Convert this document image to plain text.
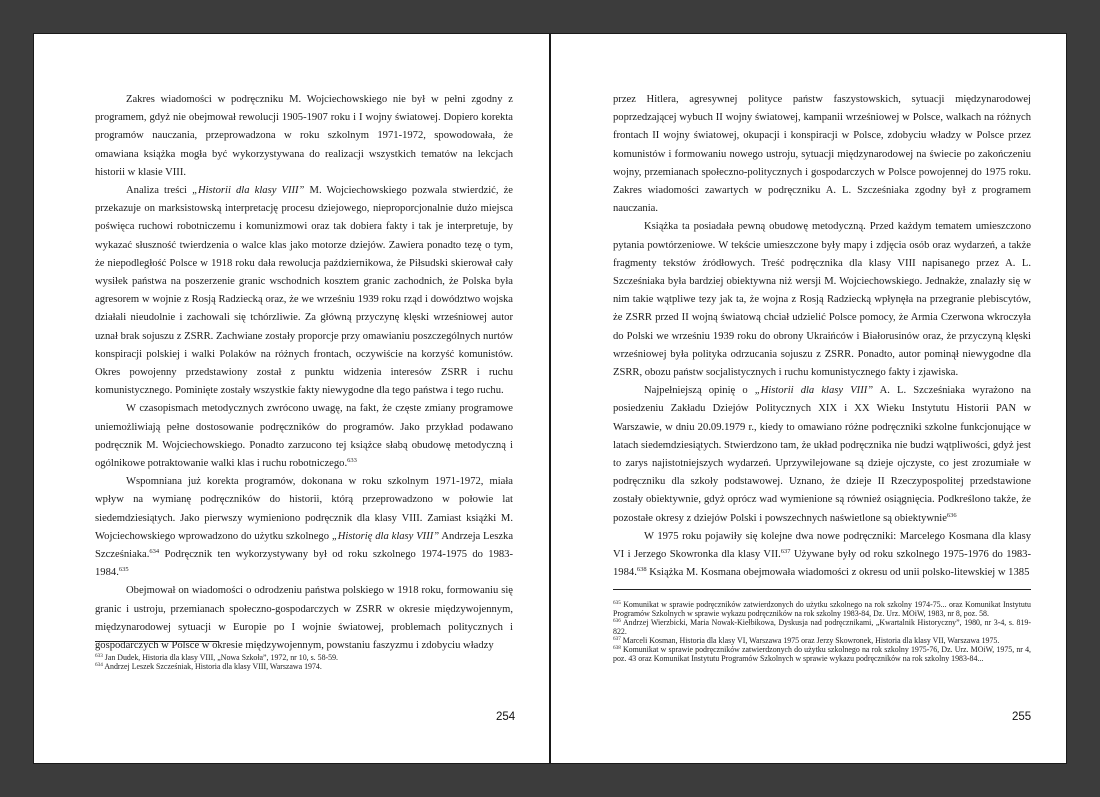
Zakres wiadomości w podręczniku M. Wojciechowskiego nie był w pełni zgodny z programem, gdyż nie obejmował rewolucji 1905-1907 roku i I wojny światowej. Dopiero korekta programów nauczania, przeprowadzona w roku szkolnym 1971-1972, spowodowała, że omawiana książka mogła być wykorzystywana do realizacji wszystkich tematów na lekcjach historii w klasie VIII.

Analiza treści „Historii dla klasy VIII” M. Wojciechowskiego pozwala stwierdzić, że przekazuje on marksistowską interpretację procesu dziejowego, nieproporcjonalnie dużo miejsca poświęca ruchowi robotniczemu i komunizmowi oraz tak dobiera fakty i tak je interpretuje, by wykazać słuszność twierdzenia o walce klas jako motorze dziejów. Zawiera ponadto tezę o tym, że niepodległość Polsce w 1918 roku dała rewolucja październikowa, że Piłsudski skierował cały wysiłek państwa na poszerzenie granic wschodnich kosztem granic zachodnich, że Polska była agresorem w wojnie z Rosją Radziecką oraz, że we wrześniu 1939 roku rząd i dowództwo wojska działali nieudolnie i zachowali się tchórzliwie. Za główną przyczynę klęski wrześniowej autor uznał brak sojuszu z ZSRR. Zachwiane zostały proporcje przy omawianiu poszczególnych nurtów konspiracji polskiej i walki Polaków na różnych frontach, oczywiście na korzyść komunistów. Okres powojenny przedstawiony został z punktu widzenia interesów ZSRR i ruchu komunistycznego. Pominięte zostały wszystkie fakty niewygodne dla tego państwa i tego ruchu.

W czasopismach metodycznych zwrócono uwagę, na fakt, że częste zmiany programowe uniemożliwiają pełne dostosowanie podręczników do programów. Jako przykład podawano podręcznik M. Wojciechowskiego. Ponadto zarzucono tej książce słabą obudowę metodyczną i ogólnikowe potraktowanie walki klas i ruchu robotniczego.$^{633}$

Wspomniana już korekta programów, dokonana w roku szkolnym 1971-1972, miała wpływ na wymianę podręczników do historii, którą przeprowadzono w połowie lat siedemdziesiątych. Jako pierwszy wymieniono podręcznik dla klasy VIII. Zamiast książki M. Wojciechowskiego wprowadzono do użytku szkolnego „Historię dla klasy VIII” Andrzeja Leszka Szcześniaka.$^{634}$ Podręcznik ten wykorzystywany był od roku szkolnego 1974-1975 do 1983-1984.$^{635}$

Obejmował on wiadomości o odrodzeniu państwa polskiego w 1918 roku, formowaniu się granic i ustroju, przemianach społeczno-gospodarczych w ZSRR w okresie międzywojennym, międzynarodowej sytuacji w Europie po I wojnie światowej, problemach politycznych i gospodarczych w Polsce w okresie międzywojennym, powstaniu faszyzmu i zdobyciu władzy

$^{633}$ Jan Dudek, Historia dla klasy VIII, „Nowa Szkoła”, 1972, nr 10, s. 58-59.

$^{634}$ Andrzej Leszek Szcześniak, Historia dla klasy VIII, Warszawa 1974.

254

przez Hitlera, agresywnej polityce państw faszystowskich, sytuacji międzynarodowej poprzedzającej wybuch II wojny światowej, kampanii wrześniowej w Polsce, walkach na różnych frontach II wojny światowej, okupacji i konspiracji w Polsce, zdobyciu władzy w Polsce przez komunistów i formowaniu nowego ustroju, sytuacji międzynarodowej na świecie po zakończeniu wojny, przemianach społeczno-politycznych i gospodarczych w Polsce powojennej do 1975 roku. Zakres wiadomości zawartych w podręczniku A. L. Szcześniaka zgodny był z programem nauczania.

Książka ta posiadała pewną obudowę metodyczną. Przed każdym tematem umieszczono pytania powtórzeniowe. W tekście umieszczone były mapy i zdjęcia osób oraz wydarzeń, a także fragmenty tekstów źródłowych. Treść podręcznika dla klasy VIII napisanego przez A. L. Szcześniaka była bardziej obiektywna niż wersji M. Wojciechowskiego. Jednakże, znalazły się w nim takie wątpliwe tezy jak ta, że wojna z Rosją Radziecką wpłynęła na przegranie plebiscytów, że ZSRR przed II wojną światową chciał udzielić Polsce pomocy, że Armia Czerwona wkroczyła do Polski we wrześniu 1939 roku do obrony Ukraińców i Białorusinów oraz, że przyczyną klęski wrześniowej była polityka odrzucania sojuszu z ZSRR. Ponadto, autor pominął niewygodne dla ZSRR, obozu państw socjalistycznych i ruchu komunistycznego fakty i zjawiska.

Najpełniejszą opinię o „Historii dla klasy VIII” A. L. Szcześniaka wyrażono na posiedzeniu Zakładu Dziejów Politycznych XIX i XX Wieku Instytutu Historii PAN w Warszawie, w dniu 20.09.1979 r., kiedy to omawiano różne podręczniki szkolne funkcjonujące w latach siedemdziesiątych. Stwierdzono tam, że układ podręcznika nie budzi wątpliwości, gdyż jest to zarys najistotniejszych wydarzeń. Uprzywilejowane są dzieje ojczyste, co jest zrozumiałe w podręczniku dla szkoły podstawowej. Uznano, że dzieje II Rzeczypospolitej przedstawione zostały obiektywnie, gdyż oprócz wad wymienione są również osiągnięcia. Podkreślono także, że pozostałe okresy z dziejów Polski i powszechnych naświetlone są obiektywnie$^{636}$

W 1975 roku pojawiły się kolejne dwa nowe podręczniki: Marcelego Kosmana dla klasy VI i Jerzego Skowronka dla klasy VII.$^{637}$ Używane były od roku szkolnego 1975-1976 do 1983-1984.$^{638}$ Książka M. Kosmana obejmowała wiadomości z okresu od unii polsko-litewskiej w 1385

$^{635}$ Komunikat w sprawie podręczników zatwierdzonych do użytku szkolnego na rok szkolny 1974-75... oraz Komunikat Instytutu Programów Szkolnych w sprawie wykazu podręczników na rok szkolny 1983-84, Dz. Urz. MOiW, 1983, nr 8, poz. 58.

$^{636}$ Andrzej Wierzbicki, Maria Nowak-Kiełbikowa, Dyskusja nad podręcznikami, „Kwartalnik Historyczny”, 1980, nr 3-4, s. 819-822.

$^{637}$ Marceli Kosman, Historia dla klasy VI, Warszawa 1975 oraz Jerzy Skowronek, Historia dla klasy VII, Warszawa 1975.

$^{638}$ Komunikat w sprawie podręczników zatwierdzonych do użytku szkolnego na rok szkolny 1975-76, Dz. Urz. MOiW, 1975, nr 4, poz. 43 oraz Komunikat Instytutu Programów Szkolnych w sprawie wykazu podręczników na rok szkolny 1983-84...

255
